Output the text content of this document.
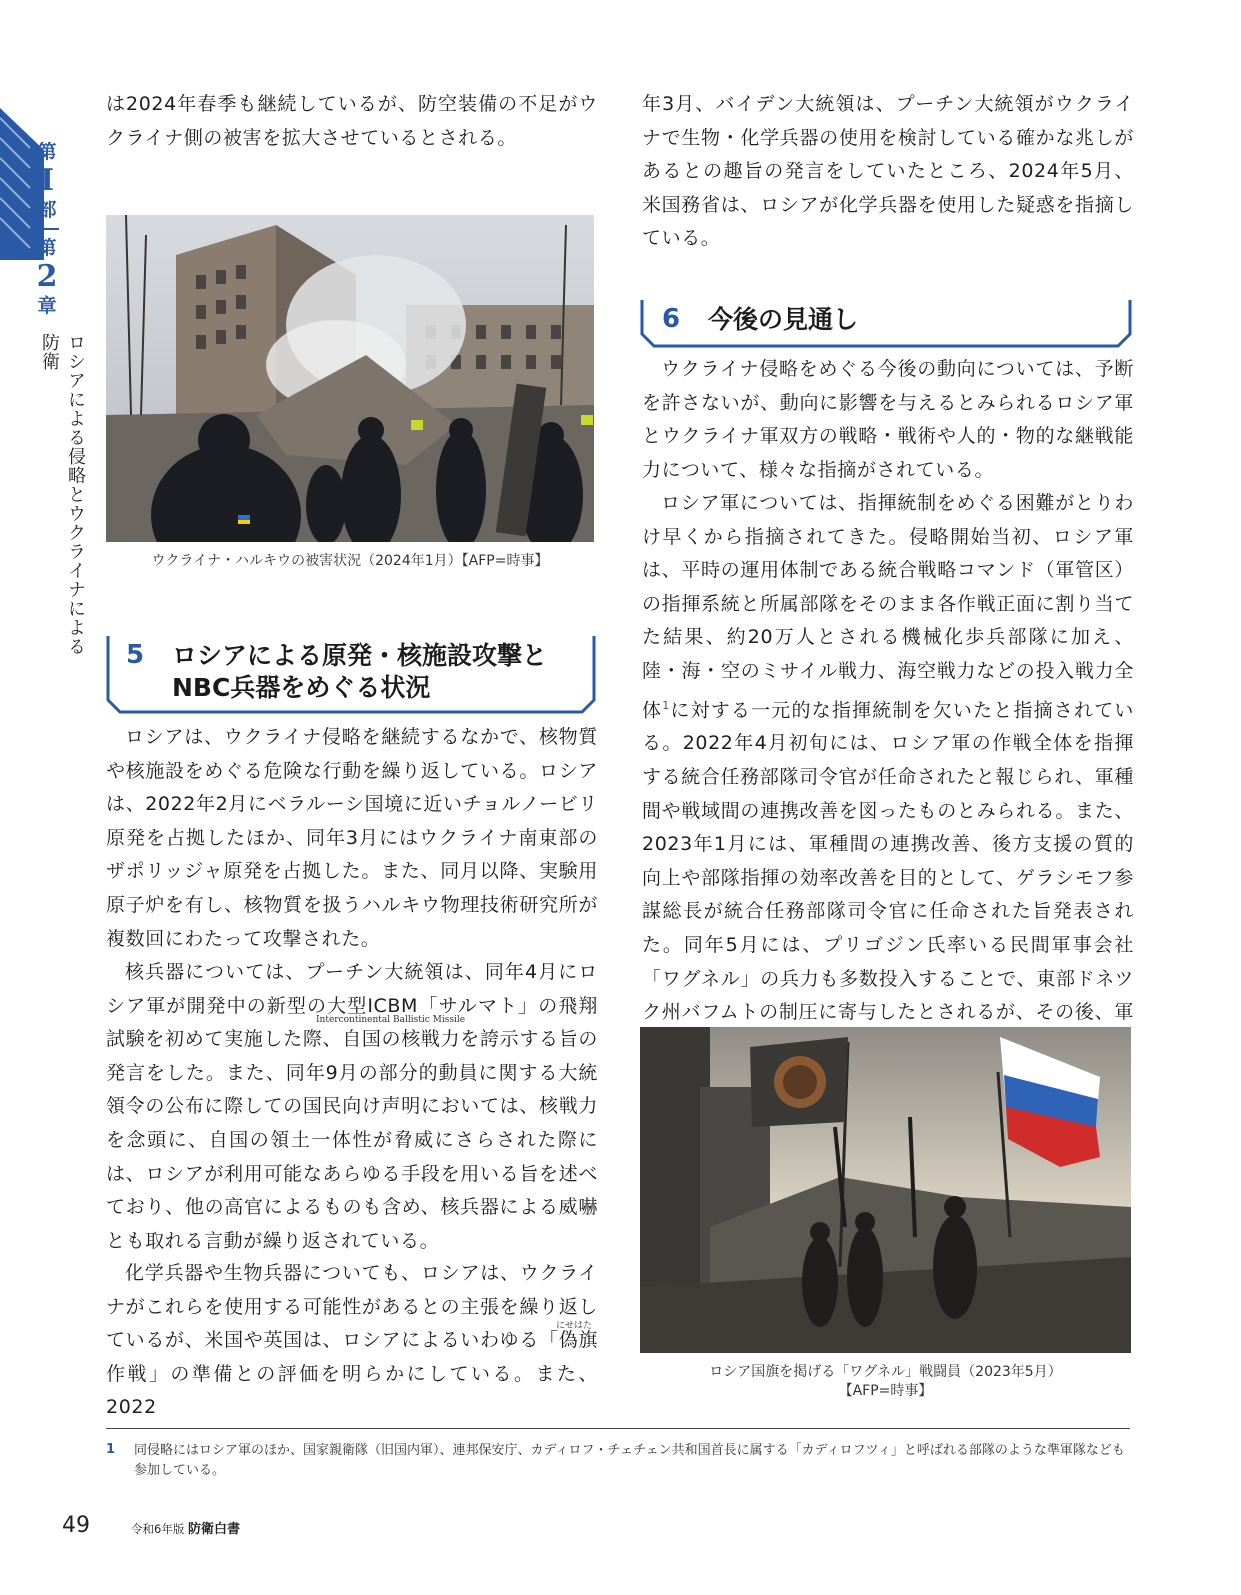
第
I
部
第
2
章
ロシアによる侵略とウクライナによる防衛

は2024年春季も継続しているが、防空装備の不足がウクライナ側の被害を拡大させているとされる。

ウクライナ・ハルキウの被害状況（2024年1月）【AFP=時事】
5 ロシアによる原発・核施設攻撃と
NBC兵器をめぐる状況

ロシアは、ウクライナ侵略を継続するなかで、核物質や核施設をめぐる危険な行動を繰り返している。ロシアは、2022年2月にベラルーシ国境に近いチョルノービリ原発を占拠したほか、同年3月にはウクライナ南東部のザポリッジャ原発を占拠した。また、同月以降、実験用原子炉を有し、核物質を扱うハルキウ物理技術研究所が複数回にわたって攻撃された。

核兵器については、プーチン大統領は、同年4月にロシア軍が開発中の新型の大型ICBM「サルマト」の飛翔試験を初めて実施した際、自国の核戦力を誇示する旨の発言をした。また、同年9月の部分的動員に関する大統領令の公布に際しての国民向け声明においては、核戦力を念頭に、自国の領土一体性が脅威にさらされた際には、ロシアが利用可能なあらゆる手段を用いる旨を述べており、他の高官によるものも含め、核兵器による威嚇とも取れる言動が繰り返されている。

Intercontinental Ballistic Missile

化学兵器や生物兵器についても、ロシアは、ウクライナがこれらを使用する可能性があるとの主張を繰り返しているが、米国や英国は、ロシアによるいわゆる「偽旗作戦」の準備との評価を明らかにしている。また、2022

にせはた

年3月、バイデン大統領は、プーチン大統領がウクライナで生物・化学兵器の使用を検討している確かな兆しがあるとの趣旨の発言をしていたところ、2024年5月、米国務省は、ロシアが化学兵器を使用した疑惑を指摘している。

6 今後の見通し

ウクライナ侵略をめぐる今後の動向については、予断を許さないが、動向に影響を与えるとみられるロシア軍とウクライナ軍双方の戦略・戦術や人的・物的な継戦能力について、様々な指摘がされている。

ロシア軍については、指揮統制をめぐる困難がとりわけ早くから指摘されてきた。侵略開始当初、ロシア軍は、平時の運用体制である統合戦略コマンド（軍管区）の指揮系統と所属部隊をそのまま各作戦正面に割り当てた結果、約20万人とされる機械化歩兵部隊に加え、陸・海・空のミサイル戦力、海空戦力などの投入戦力全体$^1$に対する一元的な指揮統制を欠いたと指摘されている。2022年4月初旬には、ロシア軍の作戦全体を指揮する統合任務部隊司令官が任命されたと報じられ、軍種間や戦域間の連携改善を図ったものとみられる。また、2023年1月には、軍種間の連携改善、後方支援の質的向上や部隊指揮の効率改善を目的として、ゲラシモフ参謀総長が統合任務部隊司令官に任命された旨発表された。同年5月には、プリゴジン氏率いる民間軍事会社「ワグネル」の兵力も多数投入することで、東部ドネツク州バフムトの制圧に寄与したとされるが、その後、軍

ロシア国旗を掲げる「ワグネル」戦闘員（2023年5月）
【AFP=時事】
1 同侵略にはロシア軍のほか、国家親衛隊（旧国内軍）、連邦保安庁、カディロフ・チェチェン共和国首長に属する「カディロフツィ」と呼ばれる部隊のような準軍隊なども参加している。
49	令和6年版 防衛白書
